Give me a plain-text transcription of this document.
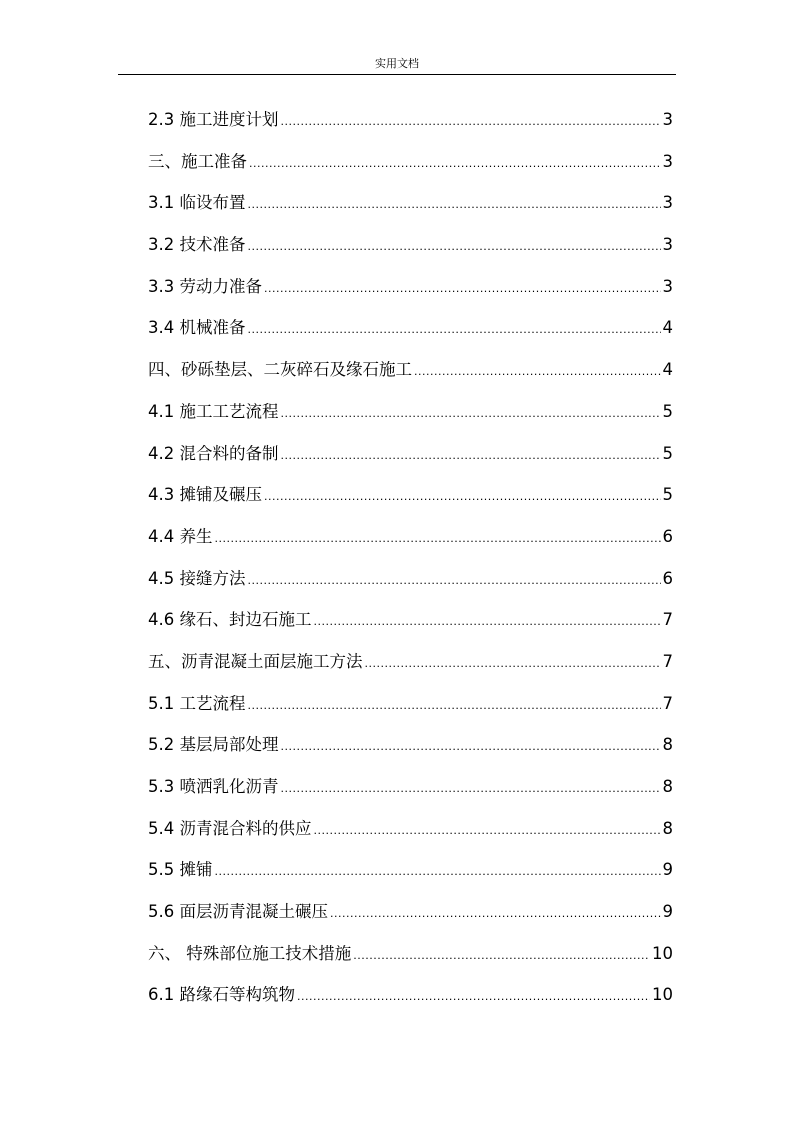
实用文档
2.3 施工进度计划 .....	3
三、施工准备 .....	3
3.1 临设布置 .....	3
3.2 技术准备 .....	3
3.3 劳动力准备 .....	3
3.4 机械准备 .....	4
四、砂砾垫层、二灰碎石及缘石施工 .....	4
4.1 施工工艺流程 .....	5
4.2 混合料的备制 .....	5
4.3 摊铺及碾压 .....	5
4.4 养生 .....	6
4.5 接缝方法 .....	6
4.6 缘石、封边石施工 .....	7
五、沥青混凝土面层施工方法 .....	7
5.1 工艺流程 .....	7
5.2 基层局部处理 .....	8
5.3 喷洒乳化沥青 .....	8
5.4 沥青混合料的供应 .....	8
5.5 摊铺 .....	9
5.6 面层沥青混凝土碾压 .....	9
六、 特殊部位施工技术措施 .....	10
6.1 路缘石等构筑物 .....	10
